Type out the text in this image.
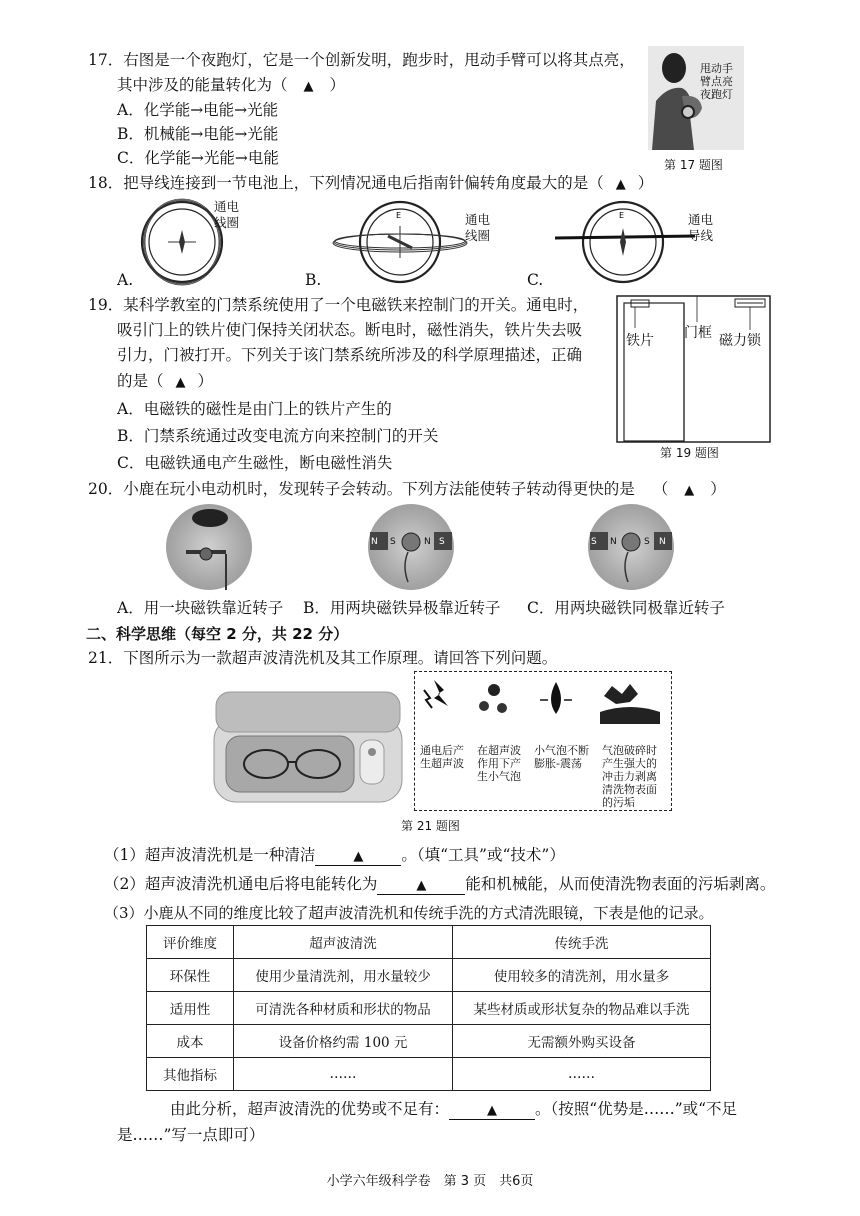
17．右图是一个夜跑灯，它是一个创新发明，跑步时，甩动手臂可以将其点亮，
其中涉及的能量转化为（ ▲ ）
A．化学能→电能→光能
B．机械能→电能→光能
C．化学能→光能→电能
甩动手
臂点亮
夜跑灯
第 17 题图
18．把导线连接到一节电池上，下列情况通电后指南针偏转角度最大的是（ ▲ ）
通电
线圈
A.
E	通电
线圈
B.
E	通电
导线
C.
19．某科学教室的门禁系统使用了一个电磁铁来控制门的开关。通电时，
吸引门上的铁片使门保持关闭状态。断电时，磁性消失，铁片失去吸
引力，门被打开。下列关于该门禁系统所涉及的科学原理描述，正确
的是（ ▲ ）
A．电磁铁的磁性是由门上的铁片产生的
B．门禁系统通过改变电流方向来控制门的开关
C．电磁铁通电产生磁性，断电磁性消失
铁片 门框 磁力锁
第 19 题图
20．小鹿在玩小电动机时，发现转子会转动。下列方法能使转子转动得更快的是 （ ▲ ）
N S	N S	S N	S N
A．用一块磁铁靠近转子 B．用两块磁铁异极靠近转子 C．用两块磁铁同极靠近转子
二、科学思维（每空 2 分，共 22 分）
21．下图所示为一款超声波清洗机及其工作原理。请回答下列问题。
通电后产
生超声波
在超声波
作用下产
生小气泡
小气泡不断
膨胀-震荡
气泡破碎时
产生强大的
冲击力剥离
清洗物表面
的污垢
第 21 题图
（1）超声波清洗机是一种清洁	▲ 。（填“工具”或“技术”）
（2）超声波清洗机通电后将电能转化为	▲	能和机械能，从而使清洗物表面的污垢剥离。
（3）小鹿从不同的维度比较了超声波清洗机和传统手洗的方式清洗眼镜，下表是他的记录。
评价维度	超声波清洗	传统手洗
环保性	使用少量清洗剂，用水量较少	使用较多的清洗剂，用水量多
适用性	可清洗各种材质和形状的物品	某些材质或形状复杂的物品难以手洗
成本	设备价格约需 100 元	无需额外购买设备
其他指标	……	……
由此分析，超声波清洗的优势或不足有：	▲ 。（按照“优势是……”或“不足
是……”写一点即可）
小学六年级科学卷　第 3 页　共6页
